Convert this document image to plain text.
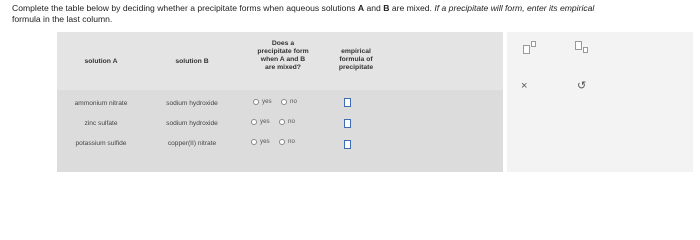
Complete the table below by deciding whether a precipitate forms when aqueous solutions A and B are mixed. If a precipitate will form, enter its empirical
formula in the last column.
solution A	solution B
Does a
precipitate form
when A and B
are mixed?
empirical
formula of
precipitate
ammonium nitrate	sodium hydroxide	yes	no
zinc sulfate	sodium hydroxide	yes	no
potassium sulfide	copper(II) nitrate	yes	no
×	↺
